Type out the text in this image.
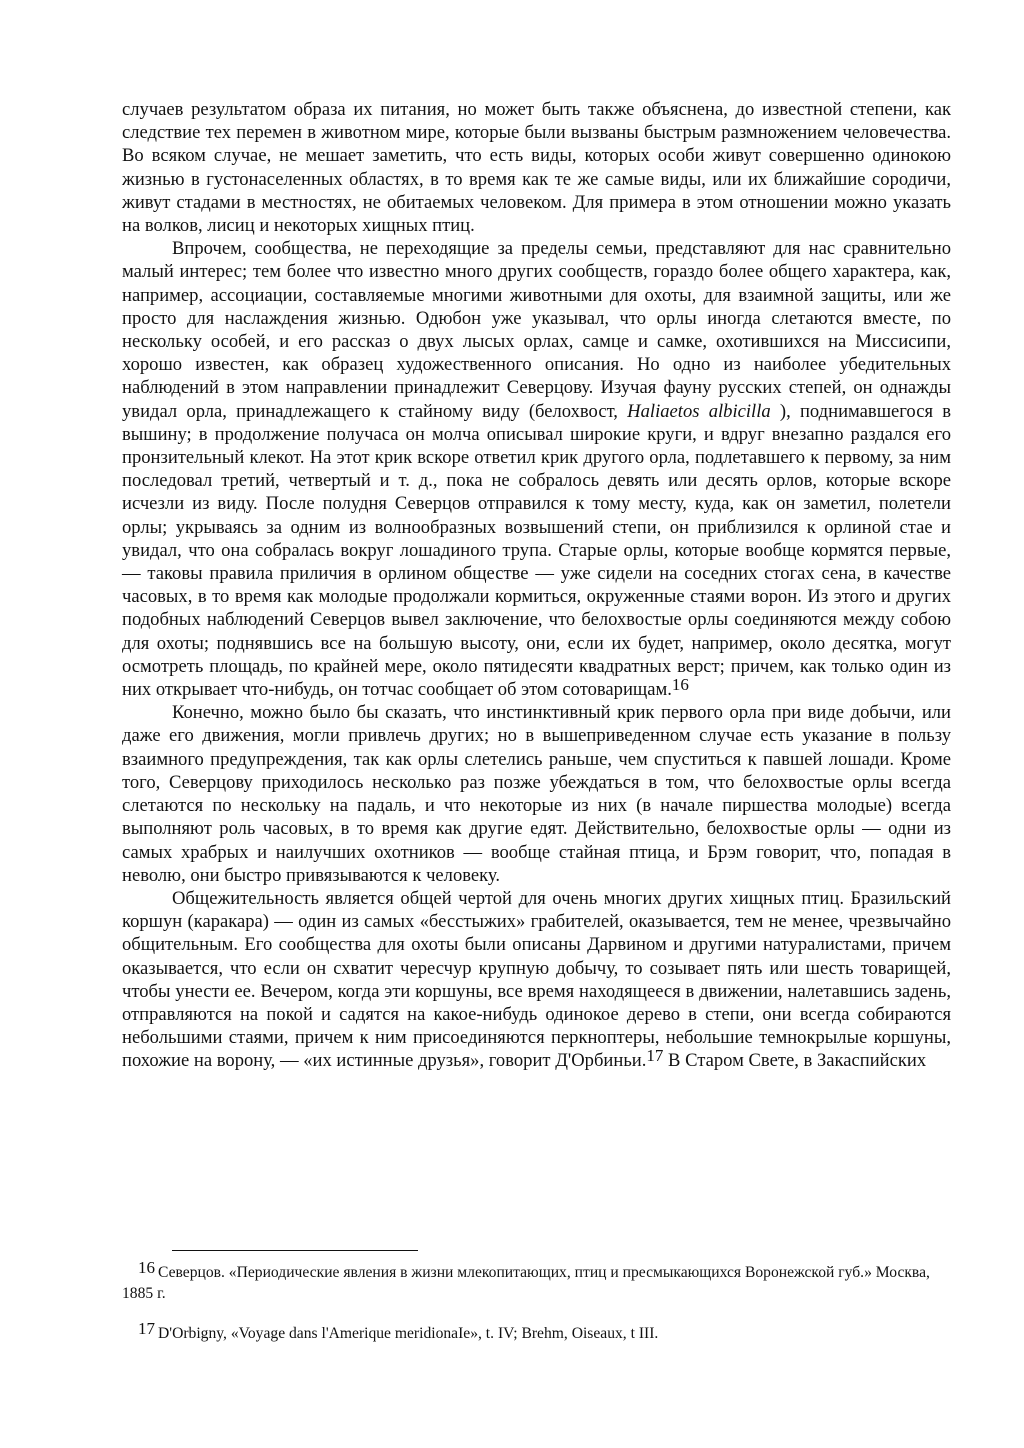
случаев результатом образа их питания, но может быть также объяснена, до известной степени, как следствие тех перемен в животном мире, которые были вызваны быстрым размножением человечества. Во всяком случае, не мешает заметить, что есть виды, которых особи живут совершенно одинокою жизнью в густонаселенных областях, в то время как те же самые виды, или их ближайшие сородичи, живут стадами в местностях, не обитаемых человеком. Для примера в этом отношении можно указать на волков, лисиц и некоторых хищных птиц.

Впрочем, сообщества, не переходящие за пределы семьи, представляют для нас сравнительно малый интерес; тем более что известно много других сообществ, гораздо более общего характера, как, например, ассоциации, составляемые многими животными для охоты, для взаимной защиты, или же просто для наслаждения жизнью. Одюбон уже указывал, что орлы иногда слетаются вместе, по нескольку особей, и его рассказ о двух лысых орлах, самце и самке, охотившихся на Миссисипи, хорошо известен, как образец художественного описания. Но одно из наиболее убедительных наблюдений в этом направлении принадлежит Северцову. Изучая фауну русских степей, он однажды увидал орла, принадлежащего к стайному виду (белохвост, Haliaetos albicilla ), поднимавшегося в вышину; в продолжение получаса он молча описывал широкие круги, и вдруг внезапно раздался его пронзительный клекот. На этот крик вскоре ответил крик другого орла, подлетавшего к первому, за ним последовал третий, четвертый и т. д., пока не собралось девять или десять орлов, которые вскоре исчезли из виду. После полудня Северцов отправился к тому месту, куда, как он заметил, полетели орлы; укрываясь за одним из волнообразных возвышений степи, он приблизился к орлиной стае и увидал, что она собралась вокруг лошадиного трупа. Старые орлы, которые вообще кормятся первые, — таковы правила приличия в орлином обществе — уже сидели на соседних стогах сена, в качестве часовых, в то время как молодые продолжали кормиться, окруженные стаями ворон. Из этого и других подобных наблюдений Северцов вывел заключение, что белохвостые орлы соединяются между собою для охоты; поднявшись все на большую высоту, они, если их будет, например, около десятка, могут осмотреть площадь, по крайней мере, около пятидесяти квадратных верст; причем, как только один из них открывает что-нибудь, он тотчас сообщает об этом сотоварищам.16

Конечно, можно было бы сказать, что инстинктивный крик первого орла при виде добычи, или даже его движения, могли привлечь других; но в вышеприведенном случае есть указание в пользу взаимного предупреждения, так как орлы слетелись раньше, чем спуститься к павшей лошади. Кроме того, Северцову приходилось несколько раз позже убеждаться в том, что белохвостые орлы всегда слетаются по нескольку на падаль, и что некоторые из них (в начале пиршества молодые) всегда выполняют роль часовых, в то время как другие едят. Действительно, белохвостые орлы — одни из самых храбрых и наилучших охотников — вообще стайная птица, и Брэм говорит, что, попадая в неволю, они быстро привязываются к человеку.

Общежительность является общей чертой для очень многих других хищных птиц. Бразильский коршун (каракара) — один из самых «бесстыжих» грабителей, оказывается, тем не менее, чрезвычайно общительным. Его сообщества для охоты были описаны Дарвином и другими натуралистами, причем оказывается, что если он схватит чересчур крупную добычу, то созывает пять или шесть товарищей, чтобы унести ее. Вечером, когда эти коршуны, все время находящееся в движении, налетавшись задень, отправляются на покой и садятся на какое-нибудь одинокое дерево в степи, они всегда собираются небольшими стаями, причем к ним присоединяются перкноптеры, небольшие темнокрылые коршуны, похожие на ворону, — «их истинные друзья», говорит Д'Орбиньи.17 В Старом Свете, в Закаспийских

16 Северцов. «Периодические явления в жизни млекопитающих, птиц и пресмыкающихся Воронежской губ.» Москва, 1885 г.

17 D'Orbigny, «Voyage dans l'Amerique meridionaIe», t. IV; Brehm, Oiseaux, t III.
